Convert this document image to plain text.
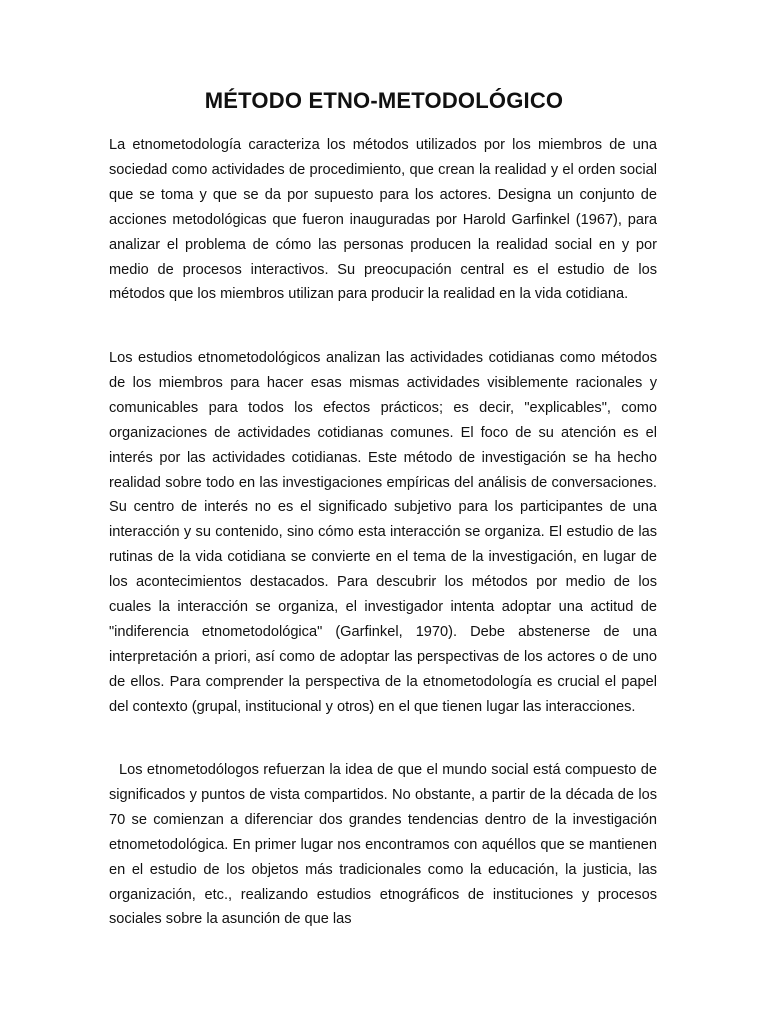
MÉTODO ETNO-METODOLÓGICO

La etnometodología caracteriza los métodos utilizados por los miembros de una sociedad como actividades de procedimiento, que crean la realidad y el orden social que se toma y que se da por supuesto para los actores. Designa un conjunto de acciones metodológicas que fueron inauguradas por Harold Garfinkel (1967), para analizar el problema de cómo las personas producen la realidad social en y por medio de procesos interactivos. Su preocupación central es el estudio de los métodos que los miembros utilizan para producir la realidad en la vida cotidiana.

Los estudios etnometodológicos analizan las actividades cotidianas como métodos de los miembros para hacer esas mismas actividades visiblemente racionales y comunicables para todos los efectos prácticos; es decir, "explicables", como organizaciones de actividades cotidianas comunes. El foco de su atención es el interés por las actividades cotidianas. Este método de investigación se ha hecho realidad sobre todo en las investigaciones empíricas del análisis de conversaciones. Su centro de interés no es el significado subjetivo para los participantes de una interacción y su contenido, sino cómo esta interacción se organiza. El estudio de las rutinas de la vida cotidiana se convierte en el tema de la investigación, en lugar de los acontecimientos destacados. Para descubrir los métodos por medio de los cuales la interacción se organiza, el investigador intenta adoptar una actitud de "indiferencia etnometodológica" (Garfinkel, 1970). Debe abstenerse de una interpretación a priori, así como de adoptar las perspectivas de los actores o de uno de ellos. Para comprender la perspectiva de la etnometodología es crucial el papel del contexto (grupal, institucional y otros) en el que tienen lugar las interacciones.

Los etnometodólogos refuerzan la idea de que el mundo social está compuesto de significados y puntos de vista compartidos. No obstante, a partir de la década de los 70 se comienzan a diferenciar dos grandes tendencias dentro de la investigación etnometodológica. En primer lugar nos encontramos con aquéllos que se mantienen en el estudio de los objetos más tradicionales como la educación, la justicia, las organización, etc., realizando estudios etnográficos de instituciones y procesos sociales sobre la asunción de que las
